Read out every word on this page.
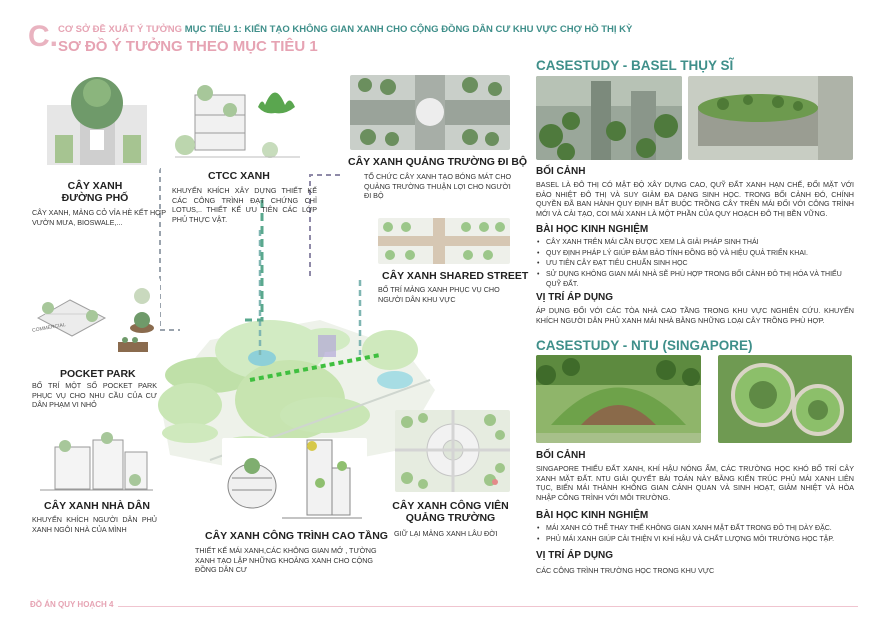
C. CƠ SỞ ĐỀ XUẤT Ý TƯỞNG MỤC TIÊU 1: KIẾN TẠO KHÔNG GIAN XANH CHO CỘNG ĐỒNG DÂN CƯ KHU VỰC CHỢ HỒ THỊ KỲ
SƠ ĐỒ Ý TƯỞNG THEO MỤC TIÊU 1
CÂY XANH
ĐƯỜNG PHỐ
CÂY XANH, MẢNG CỎ VỈA HÈ KẾT HỢP VƯỜN MƯA, BIOSWALE,...
CTCC XANH
KHUYẾN KHÍCH XÂY DỰNG THIẾT KẾ CÁC CÔNG TRÌNH ĐẠT CHỨNG CHỈ LOTUS,.. THIẾT KẾ ƯU TIÊN CÁC LỚP PHỦ THỰC VẬT.
CÂY XANH QUẢNG TRƯỜNG ĐI BỘ
TỔ CHỨC CÂY XANH TẠO BÓNG MÁT CHO QUẢNG TRƯỜNG THUẬN LỢI CHO NGƯỜI ĐI BỘ
CÂY XANH SHARED STREET
BỐ TRÍ MẢNG XANH PHỤC VỤ CHO NGƯỜI DÂN KHU VỰC
COMMERCIAL
POCKET PARK
BỐ TRÍ MỘT SỐ POCKET PARK PHỤC VỤ CHO NHU CẦU CỦA CƯ DÂN PHẠM VI NHỎ
CÂY XANH NHÀ DÂN
KHUYẾN KHÍCH NGƯỜI DÂN PHỦ XANH NGÔI NHÀ CỦA MÌNH
CÂY XANH CÔNG TRÌNH CAO TẦNG
THIẾT KẾ MÁI XANH,CÁC KHÔNG GIAN MỞ , TƯỜNG XANH TẠO LẬP NHỮNG KHOẢNG XANH CHO CỘNG ĐỒNG DÂN CƯ
CÂY XANH CÔNG VIÊN
QUẢNG TRƯỜNG
GIỮ LẠI MẢNG XANH LÂU ĐỜI
CASESTUDY - BASEL THỤY SĨ
BỐI CẢNH
BASEL LÀ ĐÔ THỊ CÓ MẬT ĐỘ XÂY DỰNG CAO, QUỸ ĐẤT XANH HẠN CHẾ, ĐỐI MẶT VỚI ĐẢO NHIỆT ĐÔ THỊ VÀ SUY GIẢM ĐA DẠNG SINH HỌC. TRONG BỐI CẢNH ĐÓ, CHÍNH QUYỀN ĐÃ BAN HÀNH QUY ĐỊNH BẮT BUỘC TRỒNG CÂY TRÊN MÁI ĐỐI VỚI CÔNG TRÌNH MỚI VÀ CẢI TẠO, COI MÁI XANH LÀ MỘT PHẦN CỦA QUY HOẠCH ĐÔ THỊ BỀN VỮNG.
BÀI HỌC KINH NGHIỆM
• CÂY XANH TRÊN MÁI CẦN ĐƯỢC XEM LÀ GIẢI PHÁP SINH THÁI
• QUY ĐỊNH PHÁP LÝ GIÚP ĐẢM BẢO TÍNH ĐỒNG BỘ VÀ HIỆU QUẢ TRIỂN KHAI.
• ƯU TIÊN CÂY ĐẠT TIÊU CHUẨN SINH HỌC
• SỬ DỤNG KHÔNG GIAN MÁI NHÀ SẼ PHÙ HỢP TRONG BỐI CẢNH ĐÔ THỊ HÓA VÀ THIẾU QUỸ ĐẤT.
VỊ TRÍ ÁP DỤNG
ÁP DỤNG ĐỐI VỚI CÁC TÒA NHÀ CAO TẦNG TRONG KHU VỰC NGHIÊN CỨU. KHUYẾN KHÍCH NGƯỜI DÂN PHỦ XANH MÁI NHÀ BẰNG NHỮNG LOẠI CÂY TRỒNG PHÙ HỢP.
CASESTUDY - NTU (SINGAPORE)
BỐI CẢNH
SINGAPORE THIẾU ĐẤT XANH, KHÍ HẬU NÓNG ẨM, CÁC TRƯỜNG HỌC KHÓ BỐ TRÍ CÂY XANH MẶT ĐẤT. NTU GIẢI QUYẾT BÀI TOÁN NÀY BẰNG KIẾN TRÚC PHỦ MÁI XANH LIÊN TỤC, BIẾN MÁI THÀNH KHÔNG GIAN CẢNH QUAN VÀ SINH HOẠT, GIẢM NHIỆT VÀ HÒA NHẬP CÔNG TRÌNH VỚI MÔI TRƯỜNG.
BÀI HỌC KINH NGHIỆM
• MÁI XANH CÓ THỂ THAY THẾ KHÔNG GIAN XANH MẶT ĐẤT TRONG ĐÔ THỊ DÀY ĐẶC.
• PHỦ MÁI XANH GIÚP CẢI THIỆN VI KHÍ HẬU VÀ CHẤT LƯỢNG MÔI TRƯỜNG HỌC TẬP.
VỊ TRÍ ÁP DỤNG
CÁC CÔNG TRÌNH TRƯỜNG HỌC TRONG KHU VỰC
ĐỒ ÁN QUY HOẠCH 4
